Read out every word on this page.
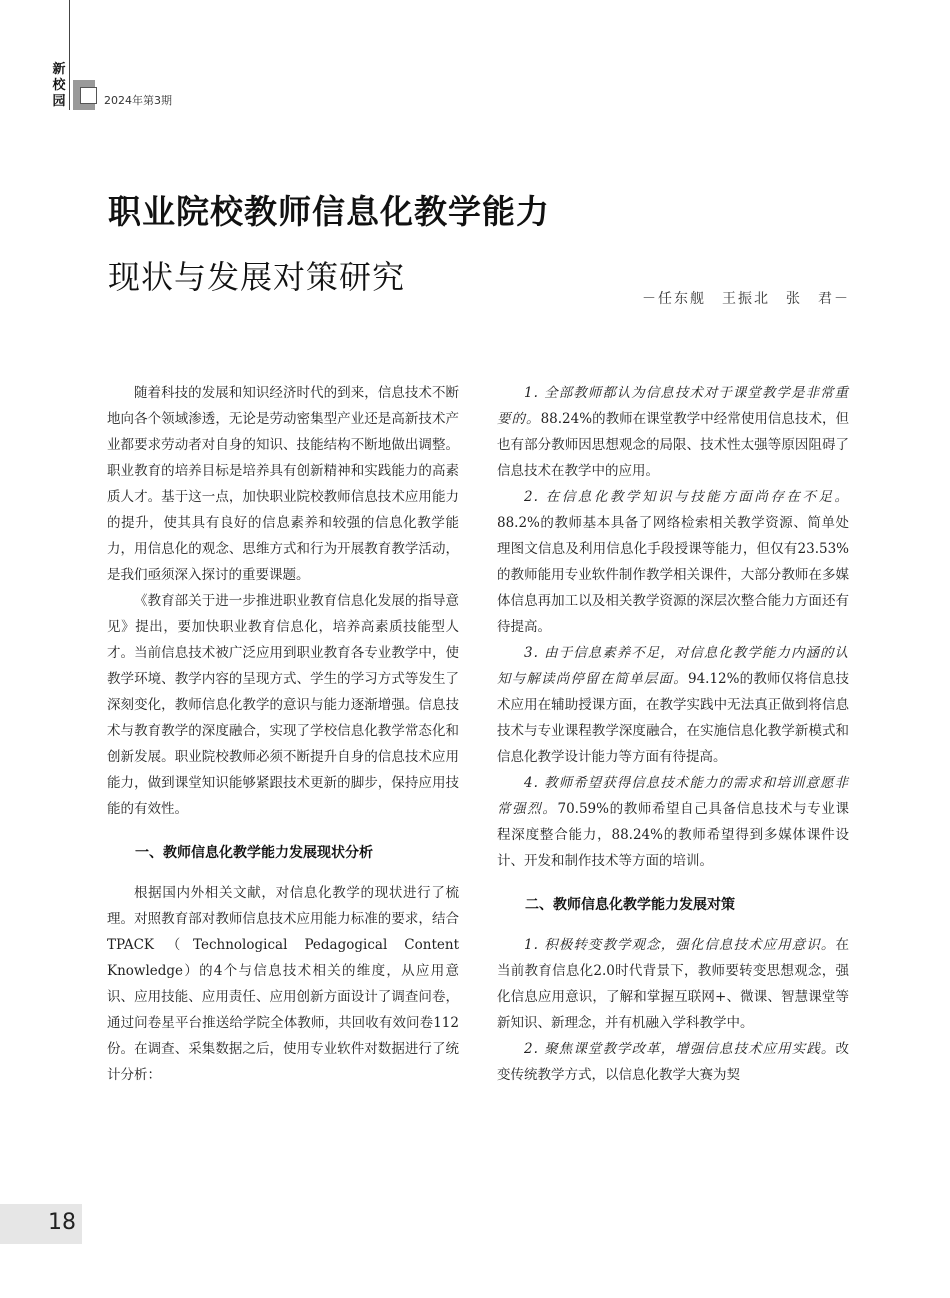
新
校
园	2024年第3期
职业院校教师信息化教学能力
现状与发展对策研究
－任东舰　王振北　张　君－

随着科技的发展和知识经济时代的到来，信息技术不断地向各个领域渗透，无论是劳动密集型产业还是高新技术产业都要求劳动者对自身的知识、技能结构不断地做出调整。职业教育的培养目标是培养具有创新精神和实践能力的高素质人才。基于这一点，加快职业院校教师信息技术应用能力的提升，使其具有良好的信息素养和较强的信息化教学能力，用信息化的观念、思维方式和行为开展教育教学活动，是我们亟须深入探讨的重要课题。

《教育部关于进一步推进职业教育信息化发展的指导意见》提出，要加快职业教育信息化，培养高素质技能型人才。当前信息技术被广泛应用到职业教育各专业教学中，使教学环境、教学内容的呈现方式、学生的学习方式等发生了深刻变化，教师信息化教学的意识与能力逐渐增强。信息技术与教育教学的深度融合，实现了学校信息化教学常态化和创新发展。职业院校教师必须不断提升自身的信息技术应用能力，做到课堂知识能够紧跟技术更新的脚步，保持应用技能的有效性。

一、教师信息化教学能力发展现状分析

根据国内外相关文献，对信息化教学的现状进行了梳理。对照教育部对教师信息技术应用能力标准的要求，结合TPACK（Technological Pedagogical Content Knowledge）的4个与信息技术相关的维度，从应用意识、应用技能、应用责任、应用创新方面设计了调查问卷，通过问卷星平台推送给学院全体教师，共回收有效问卷112份。在调查、采集数据之后，使用专业软件对数据进行了统计分析：

1. 全部教师都认为信息技术对于课堂教学是非常重要的。88.24%的教师在课堂教学中经常使用信息技术，但也有部分教师因思想观念的局限、技术性太强等原因阻碍了信息技术在教学中的应用。

2. 在信息化教学知识与技能方面尚存在不足。88.2%的教师基本具备了网络检索相关教学资源、简单处理图文信息及利用信息化手段授课等能力，但仅有23.53%的教师能用专业软件制作教学相关课件，大部分教师在多媒体信息再加工以及相关教学资源的深层次整合能力方面还有待提高。

3. 由于信息素养不足，对信息化教学能力内涵的认知与解读尚停留在简单层面。94.12%的教师仅将信息技术应用在辅助授课方面，在教学实践中无法真正做到将信息技术与专业课程教学深度融合，在实施信息化教学新模式和信息化教学设计能力等方面有待提高。

4. 教师希望获得信息技术能力的需求和培训意愿非常强烈。70.59%的教师希望自己具备信息技术与专业课程深度整合能力，88.24%的教师希望得到多媒体课件设计、开发和制作技术等方面的培训。

二、教师信息化教学能力发展对策

1. 积极转变教学观念，强化信息技术应用意识。在当前教育信息化2.0时代背景下，教师要转变思想观念，强化信息应用意识，了解和掌握互联网+、微课、智慧课堂等新知识、新理念，并有机融入学科教学中。

2. 聚焦课堂教学改革，增强信息技术应用实践。改变传统教学方式，以信息化教学大赛为契

18
